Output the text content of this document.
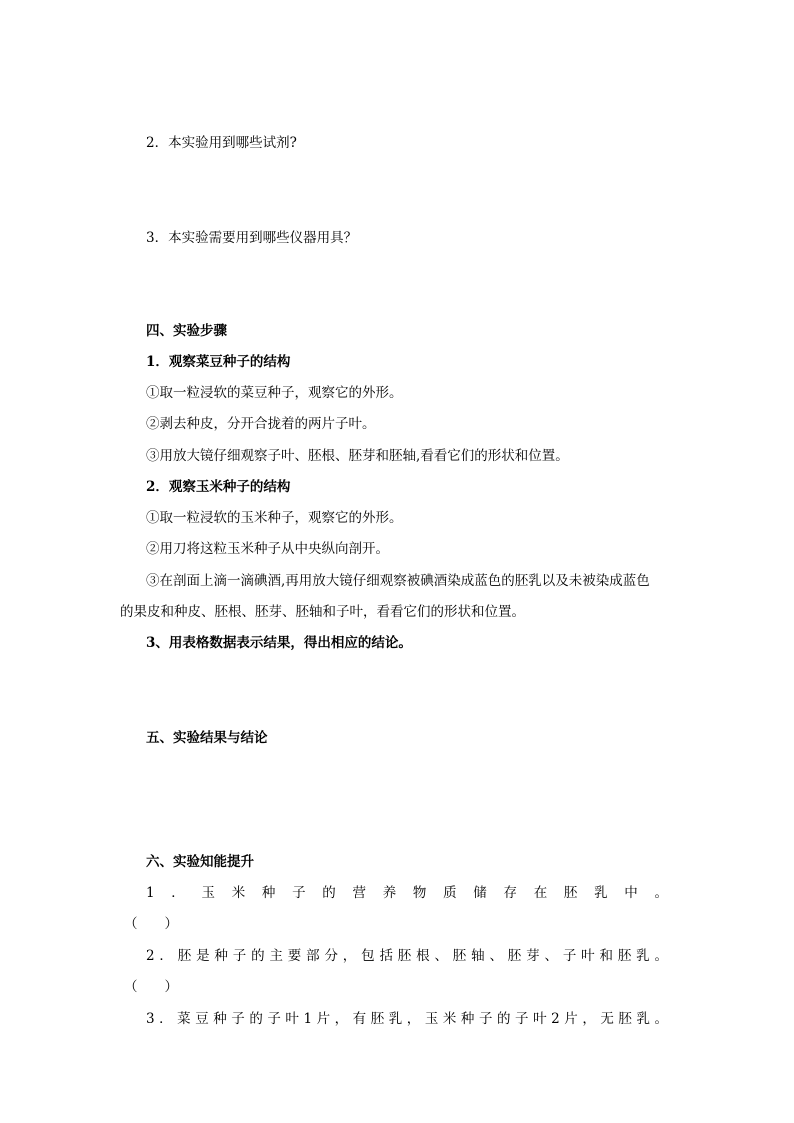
2．本实验用到哪些试剂?
3．本实验需要用到哪些仪器用具？
四、实验步骤
1．观察菜豆种子的结构
①取一粒浸软的菜豆种子，观察它的外形。
②剥去种皮，分开合拢着的两片子叶。
③用放大镜仔细观察子叶、胚根、胚芽和胚轴,看看它们的形状和位置。
2．观察玉米种子的结构
①取一粒浸软的玉米种子，观察它的外形。
②用刀将这粒玉米种子从中央纵向剖开。
③在剖面上滴一滴碘酒,再用放大镜仔细观察被碘酒染成蓝色的胚乳以及未被染成蓝色
的果皮和种皮、胚根、胚芽、胚轴和子叶，看看它们的形状和位置。
3、用表格数据表示结果，得出相应的结论。
五、实验结果与结论
六、实验知能提升
1．玉米种子的营养物质储存在胚乳中。
（　　）
2．胚是种子的主要部分，包括胚根、胚轴、胚芽、子叶和胚乳。
（　　）
3．菜豆种子的子叶1片，有胚乳，玉米种子的子叶2片，无胚乳。
